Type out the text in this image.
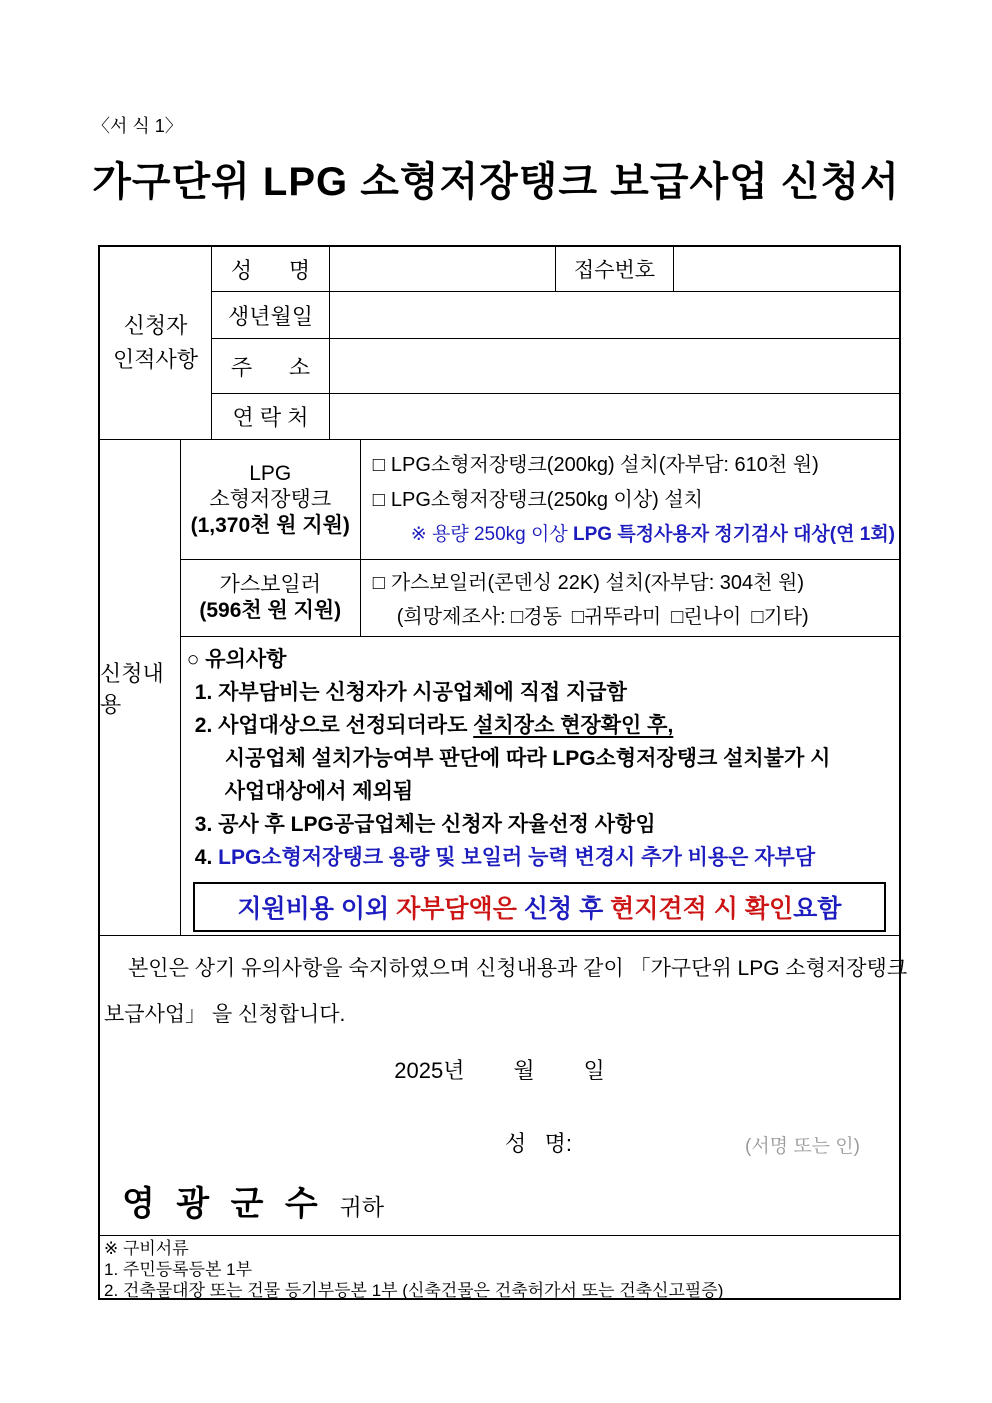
〈서 식 1〉
가구단위 LPG 소형저장탱크 보급사업 신청서
신청자
인적사항
성      명	접수번호
생년월일
주      소
연 락 처
신청내용
LPG
소형저장탱크
(1,370천 원 지원)
□ LPG소형저장탱크(200kg) 설치(자부담: 610천 원)
□ LPG소형저장탱크(250kg 이상) 설치
※ 용량 250kg 이상 LPG 특정사용자 정기검사 대상(연 1회)
가스보일러
(596천 원 지원)
□ 가스보일러(콘덴싱 22K) 설치(자부담: 304천 원)
(희망제조사: □경동 □귀뚜라미 □린나이 □기타)
○ 유의사항
1. 자부담비는 신청자가 시공업체에 직접 지급함
2. 사업대상으로 선정되더라도 설치장소 현장확인 후,
시공업체 설치가능여부 판단에 따라 LPG소형저장탱크 설치불가 시
사업대상에서 제외됨
3. 공사 후 LPG공급업체는 신청자 자율선정 사항임
4. LPG소형저장탱크 용량 및 보일러 능력 변경시 추가 비용은 자부담
지원비용 이외 자부담액은 신청 후 현지견적 시 확인 요함
본인은 상기 유의사항을 숙지하였으며 신청내용과 같이 「가구단위 LPG 소형저장탱크
보급사업」 을 신청합니다.
2025년        월        일
성   명:	(서명 또는 인)
영 광 군 수 귀하
※ 구비서류
1. 주민등록등본 1부
2. 건축물대장 또는 건물 등기부등본 1부 (신축건물은 건축허가서 또는 건축신고필증)
